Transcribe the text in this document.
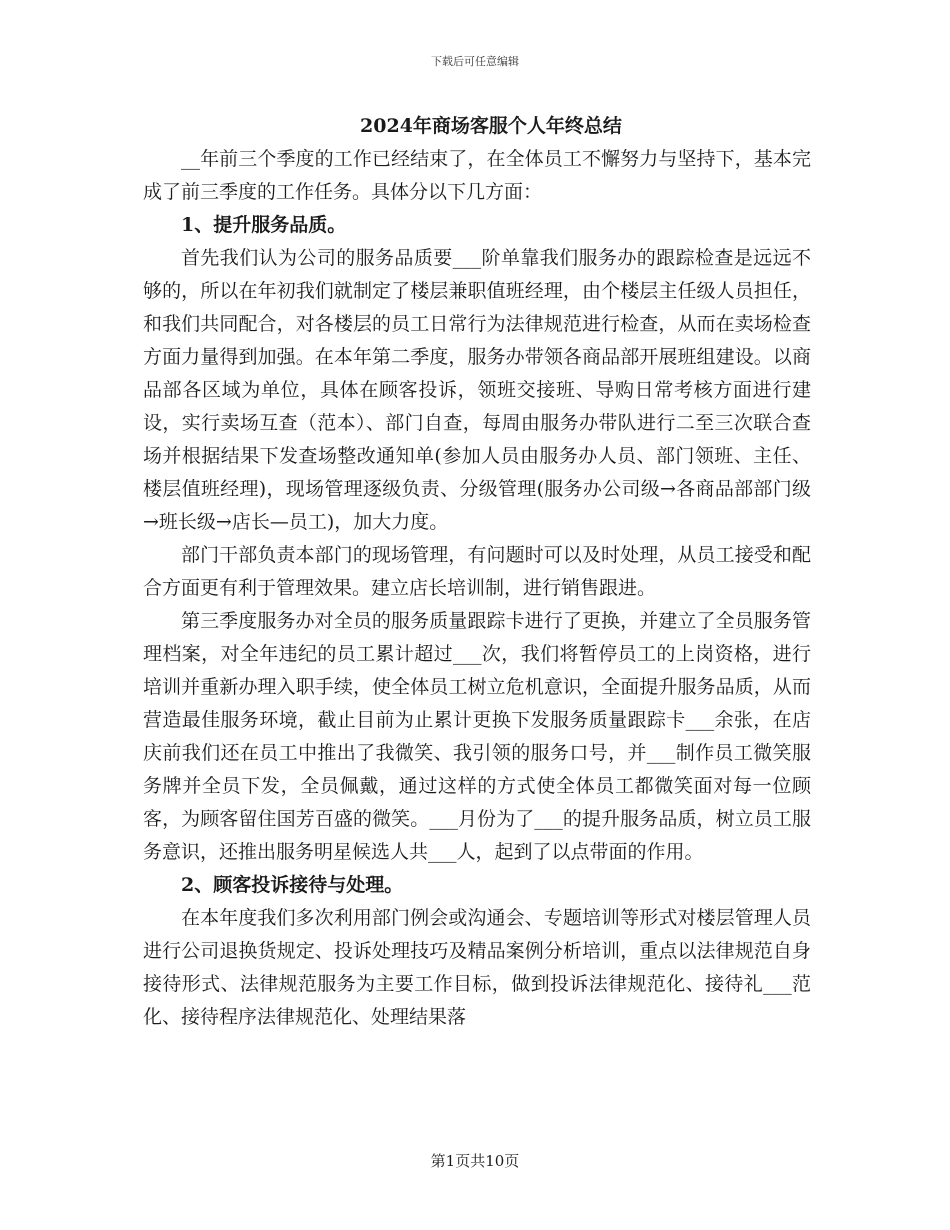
下载后可任意编辑

2024年商场客服个人年终总结

__年前三个季度的工作已经结束了，在全体员工不懈努力与坚持下，基本完成了前三季度的工作任务。具体分以下几方面：

1、提升服务品质。

首先我们认为公司的服务品质要___阶单靠我们服务办的跟踪检查是远远不够的，所以在年初我们就制定了楼层兼职值班经理，由个楼层主任级人员担任，和我们共同配合，对各楼层的员工日常行为法律规范进行检查，从而在卖场检查方面力量得到加强。在本年第二季度，服务办带领各商品部开展班组建设。以商品部各区域为单位，具体在顾客投诉，领班交接班、导购日常考核方面进行建设，实行卖场互查（范本）、部门自查，每周由服务办带队进行二至三次联合查场并根据结果下发查场整改通知单(参加人员由服务办人员、部门领班、主任、楼层值班经理)，现场管理逐级负责、分级管理(服务办公司级→各商品部部门级→班长级→店长—员工)，加大力度。

部门干部负责本部门的现场管理，有问题时可以及时处理，从员工接受和配合方面更有利于管理效果。建立店长培训制，进行销售跟进。

第三季度服务办对全员的服务质量跟踪卡进行了更换，并建立了全员服务管理档案，对全年违纪的员工累计超过___次，我们将暂停员工的上岗资格，进行培训并重新办理入职手续，使全体员工树立危机意识，全面提升服务品质，从而营造最佳服务环境，截止目前为止累计更换下发服务质量跟踪卡___余张，在店庆前我们还在员工中推出了我微笑、我引领的服务口号，并___制作员工微笑服务牌并全员下发，全员佩戴，通过这样的方式使全体员工都微笑面对每一位顾客，为顾客留住国芳百盛的微笑。___月份为了___的提升服务品质，树立员工服务意识，还推出服务明星候选人共___人，起到了以点带面的作用。

2、顾客投诉接待与处理。

在本年度我们多次利用部门例会或沟通会、专题培训等形式对楼层管理人员进行公司退换货规定、投诉处理技巧及精品案例分析培训，重点以法律规范自身接待形式、法律规范服务为主要工作目标，做到投诉法律规范化、接待礼___范化、接待程序法律规范化、处理结果落

第1页共10页
